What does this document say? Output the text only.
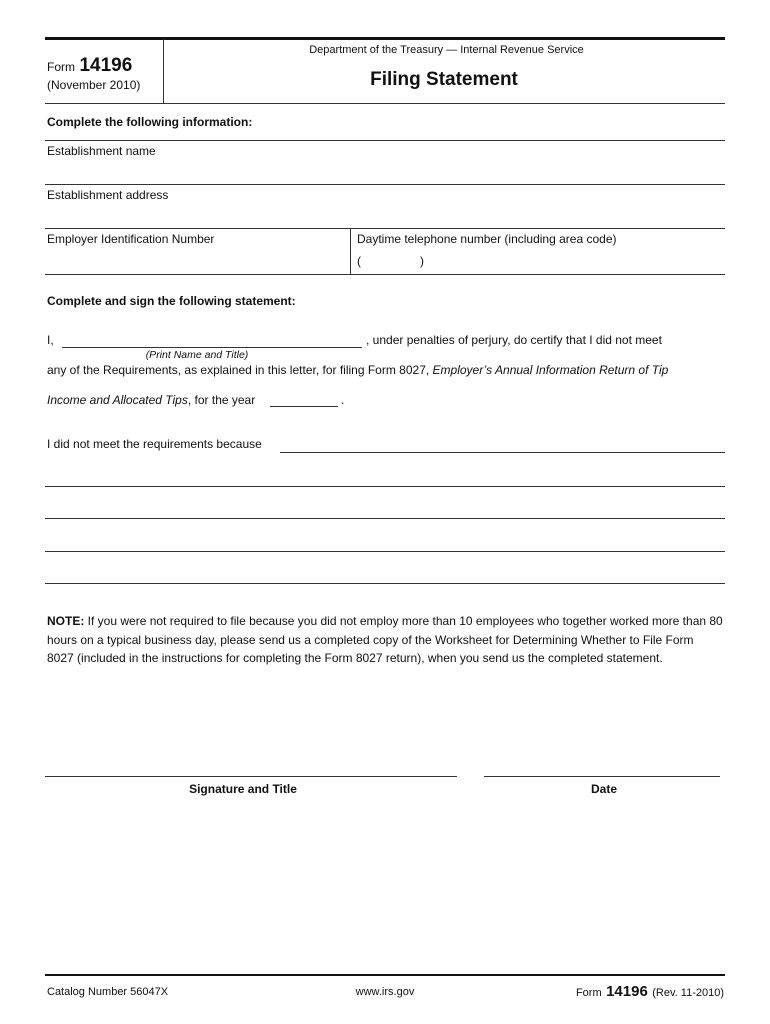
Form 14196
(November 2010)
Department of the Treasury — Internal Revenue Service
Filing Statement
Complete the following information:
Establishment name
Establishment address
Employer Identification Number	Daytime telephone number (including area code)
(	)
Complete and sign the following statement:
I,	, under penalties of perjury, do certify that I did not meet
(Print Name and Title)
any of the Requirements, as explained in this letter, for filing Form 8027, Employer’s Annual Information Return of Tip
Income and Allocated Tips, for the year	.
I did not meet the requirements because
NOTE: If you were not required to file because you did not employ more than 10 employees who together worked more than 80 hours on a typical business day, please send us a completed copy of the Worksheet for Determining Whether to File Form 8027 (included in the instructions for completing the Form 8027 return), when you send us the completed statement.
Signature and Title	Date
Catalog Number 56047X	www.irs.gov	Form 14196 (Rev. 11-2010)
